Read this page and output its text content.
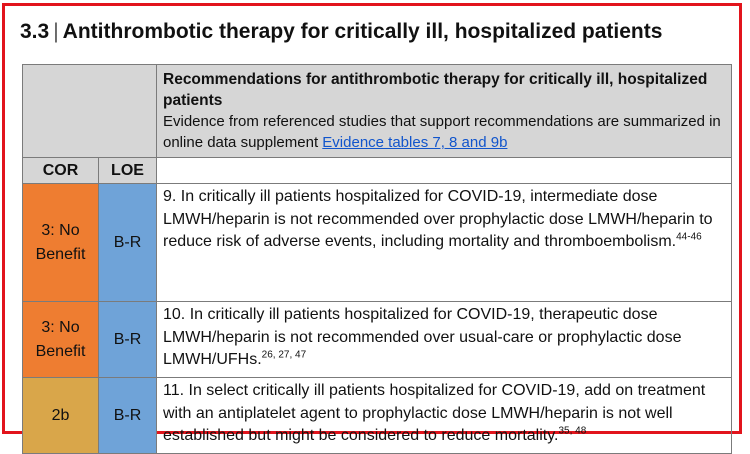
3.3 | Antithrombotic therapy for critically ill, hospitalized patients

		Recommendations for antithrombotic therapy for critically ill, hospitalized patients
Evidence from referenced studies that support recommendations are summarized in online data supplement Evidence tables 7, 8 and 9b

COR	LOE	
3: No Benefit	B-R	9. In critically ill patients hospitalized for COVID-19, intermediate dose LMWH/heparin is not recommended over prophylactic dose LMWH/heparin to reduce risk of adverse events, including mortality and thromboembolism.$^{44-46}$
3: No Benefit	B-R	10. In critically ill patients hospitalized for COVID-19, therapeutic dose LMWH/heparin is not recommended over usual-care or prophylactic dose LMWH/UFHs.$^{26, 27, 47}$
2b	B-R	11. In select critically ill patients hospitalized for COVID-19, add on treatment with an antiplatelet agent to prophylactic dose LMWH/heparin is not well established but might be considered to reduce mortality.$^{35, 48}$
